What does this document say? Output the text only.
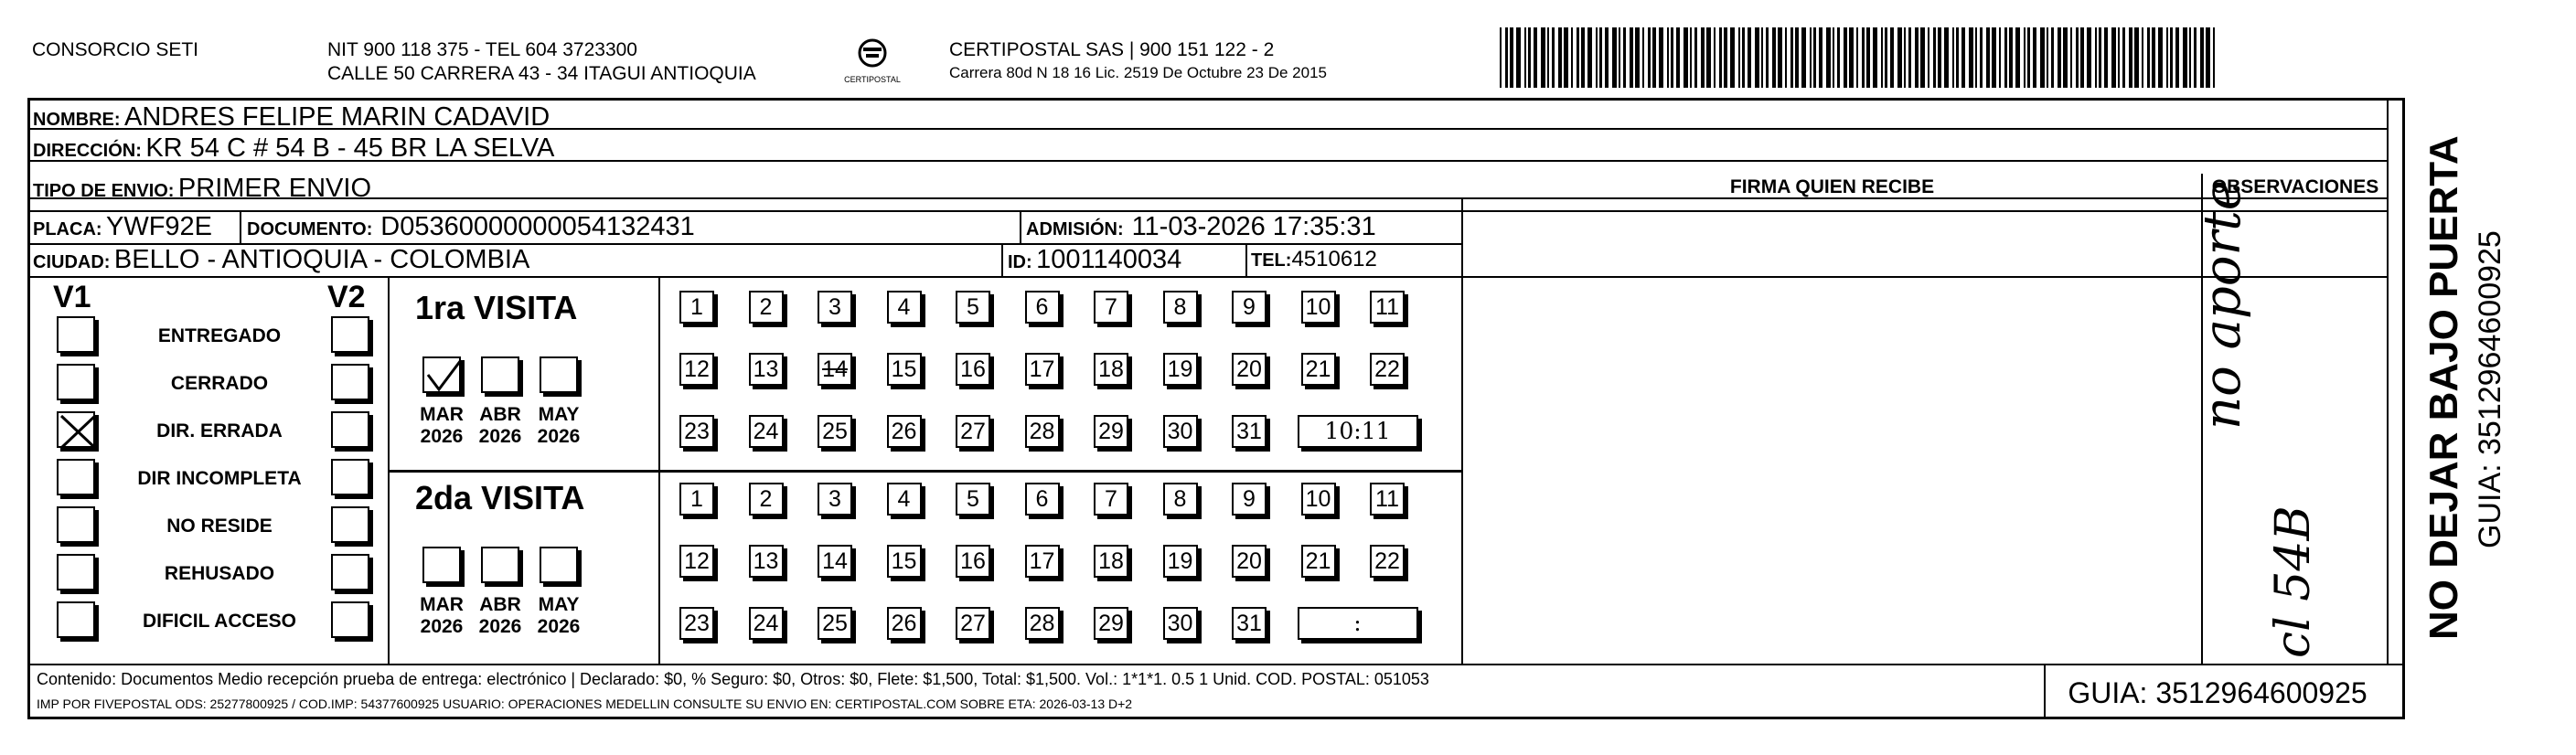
CONSORCIO SETI	NIT 900 118 375 - TEL 604 3723300
CALLE 50 CARRERA 43 - 34 ITAGUI ANTIOQUIA	CERTIPOSTAL
CERTIPOSTAL SAS | 900 151 122 - 2
Carrera 80d N 18 16 Lic. 2519 De Octubre 23 De 2015
NOMBRE: ANDRES FELIPE MARIN CADAVID
DIRECCIÓN: KR 54 C # 54 B - 45 BR LA SELVA
TIPO DE ENVIO: PRIMER ENVIO	FIRMA QUIEN RECIBE	OBSERVACIONES
PLACA: YWF92E DOCUMENTO: D05360000000054132431	ADMISIÓN: 11-03-2026 17:35:31
CIUDAD: BELLO - ANTIOQUIA - COLOMBIA	ID: 1001140034	TEL:4510612
V1	V2
ENTREGADO
CERRADO
DIR. ERRADA
DIR INCOMPLETA
NO RESIDE
REHUSADO
DIFICIL ACCESO
1ra VISITA
MAR
2026
ABR
2026
MAY
2026
1	2	3	4	5	6	7	8	9	10 11
12 13 14 15 16 17 18 19 20 21 22
23 24 25 26 27 28 29 30 31	10:11
2da VISITA
MAR
2026
ABR
2026
MAY
2026
1	2	3	4	5	6	7	8	9	10 11
12 13 14 15 16 17 18 19 20 21 22
23 24 25 26 27 28 29 30 31	:
no aporte
cl 54B	NO DEJAR BAJO PUERTA GUIA: 3512964600925
Contenido: Documentos Medio recepción prueba de entrega: electrónico | Declarado: $0, % Seguro: $0, Otros: $0, Flete: $1,500, Total: $1,500. Vol.: 1*1*1. 0.5 1 Unid. COD. POSTAL: 051053
IMP POR FIVEPOSTAL ODS: 25277800925 / COD.IMP: 54377600925 USUARIO: OPERACIONES MEDELLIN CONSULTE SU ENVIO EN: CERTIPOSTAL.COM SOBRE ETA: 2026-03-13 D+2	GUIA: 3512964600925
